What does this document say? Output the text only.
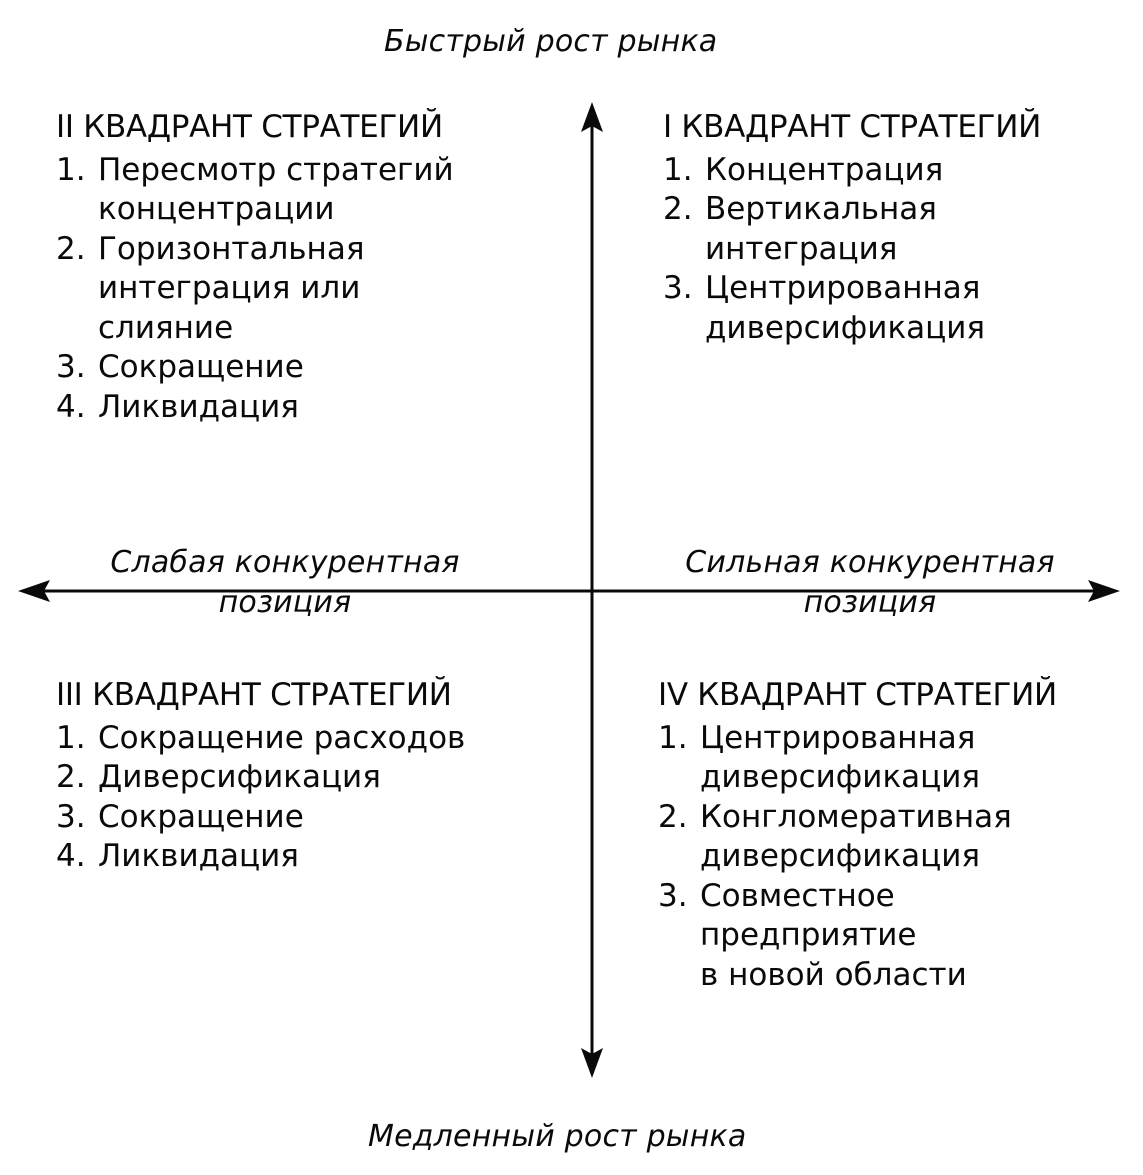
Быстрый рост рынка
Медленный рост рынка
Слабая конкурентная
позиция
Сильная конкурентная
позиция
II КВАДРАНТ СТРАТЕГИЙ
1. Пересмотр стратегий
концентрации
2. Горизонтальная
интеграция или
слияние
3. Сокращение
4. Ликвидация
I КВАДРАНТ СТРАТЕГИЙ
1. Концентрация
2. Вертикальная
интеграция
3. Центрированная
диверсификация
III КВАДРАНТ СТРАТЕГИЙ
1. Сокращение расходов
2. Диверсификация
3. Сокращение
4. Ликвидация
IV КВАДРАНТ СТРАТЕГИЙ
1. Центрированная
диверсификация
2. Конгломеративная
диверсификация
3. Совместное
предприятие
в новой области
